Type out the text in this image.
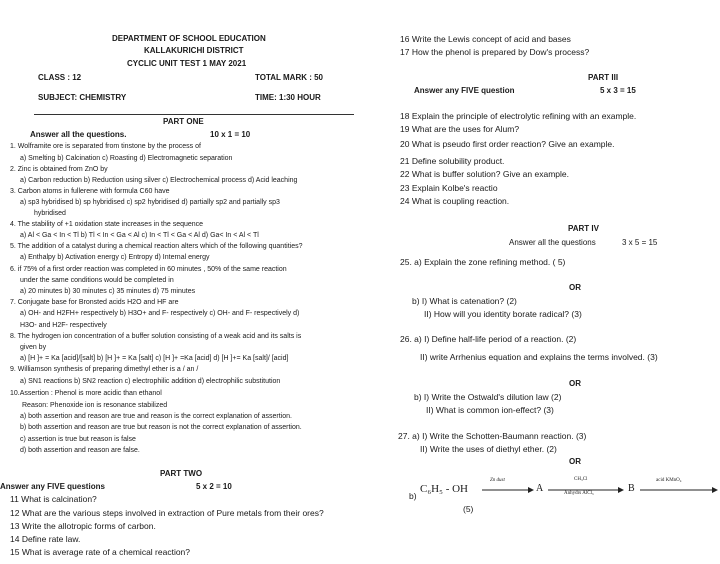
DEPARTMENT OF SCHOOL EDUCATION
KALLAKURICHI DISTRICT
CYCLIC UNIT TEST 1 MAY 2021
CLASS : 12	TOTAL MARK : 50
SUBJECT: CHEMISTRY	TIME: 1:30 HOUR
PART ONE
Answer all the questions.	10 x 1 = 10
1. Wolframite ore is separated from tinstone by the process of
a) Smelting b) Calcination c) Roasting d) Electromagnetic separation
2. Zinc is obtained from ZnO by
a) Carbon reduction b) Reduction using silver c) Electrochemical process d) Acid leaching
3. Carbon atoms in fullerene with formula C60 have
a) sp3 hybridised b) sp hybridised c) sp2 hybridised d) partially sp2 and partially sp3
hybridised
4. The stability of +1 oxidation state increases in the sequence
a) Al < Ga < In < Tl b) Tl < In < Ga < Al c) In < Tl < Ga < Al d) Ga< In < Al < Tl
5. The addition of a catalyst during a chemical reaction alters which of the following quantities?
a) Enthalpy b) Activation energy c) Entropy d) Internal energy
6. if 75% of a first order reaction was completed in 60 minutes , 50% of the same reaction
under the same conditions would be completed in
a) 20 minutes b) 30 minutes c) 35 minutes d) 75 minutes
7. Conjugate base for Bronsted acids H2O and HF are
a) OH- and H2FH+ respectively b) H3O+ and F- respectively c) OH- and F- respectively d)
H3O- and H2F- respectively
8. The hydrogen ion concentration of a buffer solution consisting of a weak acid and its salts is
given by
a) [H ]+ = Ka [acid]/[salt] b) [H ]+ = Ka [salt] c) [H ]+ =Ka [acid] d) [H ]+= Ka [salt]/ [acid]
9. Williamson synthesis of preparing dimethyl ether is a / an /
a) SN1 reactions b) SN2 reaction c) electrophilic addition d) electrophilic substitution
10.Assertion : Phenol is more acidic than ethanol
Reason: Phenoxide ion is resonance stabilized
a) both assertion and reason are true and reason is the correct explanation of assertion.
b) both assertion and reason are true but reason is not the correct explanation of assertion.
c) assertion is true but reason is false
d) both assertion and reason are false.
PART TWO
Answer any FIVE questions	5 x 2 = 10
11 What is calcination?
12 What are the various steps involved in extraction of Pure metals from their ores?
13 Write the allotropic forms of carbon.
14 Define rate law.
15 What is average rate of a chemical reaction?
16 Write the Lewis concept of acid and bases
17 How the phenol is prepared by Dow's process?
PART III
Answer any FIVE question	5 x 3 = 15
18 Explain the principle of electrolytic refining with an example.
19 What are the uses for Alum?
20 What is pseudo first order reaction? Give an example.
21 Define solubility product.
22 What is buffer solution? Give an example.
23 Explain Kolbe's reactio
24 What is coupling reaction.
PART IV
Answer all the questions	3 x 5 = 15
25. a) Explain the zone refining method. ( 5)
OR
b) I) What is catenation? (2)
II) How will you identity borate radical? (3)
26. a) I) Define half-life period of a reaction. (2)
II) write Arrhenius equation and explains the terms involved. (3)
OR
b) I) Write the Ostwald's dilution law (2)
II) What is common ion-effect? (3)
27. a) I) Write the Schotten-Baumann reaction. (3)
II) Write the uses of diethyl ether. (2)
OR
b)
C₆H₅ - OH
Zn dust
→ A
CH₃Cl
Anhydrs AlCl₃	B
acid KMnO₄
(5)
